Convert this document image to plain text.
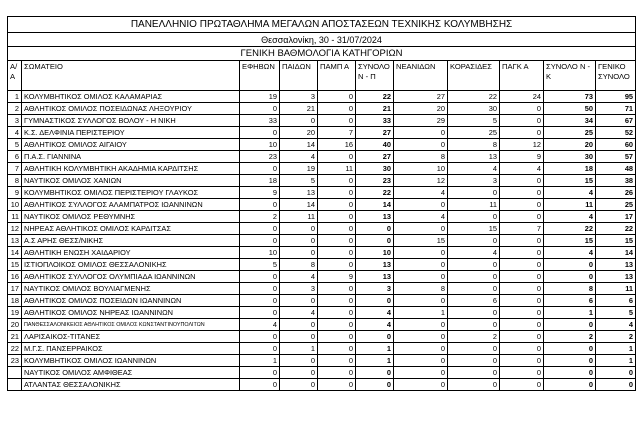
ΠΑΝΕΛΛΗΝΙΟ ΠΡΩΤΑΘΛΗΜΑ ΜΕΓΑΛΩΝ ΑΠΟΣΤΑΣΕΩΝ ΤΕΧΝΙΚΗΣ ΚΟΛΥΜΒΗΣΗΣ										
Θεσσαλονίκη, 30 - 31/07/2024										
ΓΕΝΙΚΗ ΒΑΘΜΟΛΟΓΙΑ ΚΑΤΗΓΟΡΙΩΝ										
Α/Α	ΣΩΜΑΤΕΙΟ	ΕΦΗΒΩΝ	ΠΑΙΔΩΝ	ΠΑΜΠ Α	ΣΥΝΟΛΟ Ν - Π	ΝΕΑΝΙΔΩΝ	ΚΟΡΑΣΙΔΕΣ	ΠΑΓΚ Α	ΣΥΝΟΛΟ Ν - Κ	ΓΕΝΙΚΟ ΣΥΝΟΛΟ
1	ΚΟΛΥΜΒΗΤΙΚΟΣ ΟΜΙΛΟΣ ΚΑΛΑΜΑΡΙΑΣ	19	3	0	22	27	22	24	73	95
2	ΑΘΛΗΤΙΚΟΣ ΟΜΙΛΟΣ ΠΟΣΕΙΔΩΝΑΣ ΛΗΞΟΥΡΙΟΥ	0	21	0	21	20	30	0	50	71
3	ΓΥΜΝΑΣΤΙΚΟΣ ΣΥΛΛΟΓΟΣ ΒΟΛΟΥ - Η ΝΙΚΗ	33	0	0	33	29	5	0	34	67
4	Κ.Σ. ΔΕΛΦΙΝΙΑ ΠΕΡΙΣΤΕΡΙΟΥ	0	20	7	27	0	25	0	25	52
5	ΑΘΛΗΤΙΚΟΣ ΟΜΙΛΟΣ ΑΙΓΑΙΟΥ	10	14	16	40	0	8	12	20	60
6	Π.Α.Σ. ΓΙΑΝΝΙΝΑ	23	4	0	27	8	13	9	30	57
7	ΑΘΛΗΤΙΚΗ ΚΟΛΥΜΒΗΤΙΚΗ ΑΚΑΔΗΜΙΑ ΚΑΡΔΙΤΣΗΣ	0	19	11	30	10	4	4	18	48
8	ΝΑΥΤΙΚΟΣ ΟΜΙΛΟΣ ΧΑΝΙΩΝ	18	5	0	23	12	3	0	15	38
9	ΚΟΛΥΜΒΗΤΙΚΟΣ ΟΜΙΛΟΣ ΠΕΡΙΣΤΕΡΙΟΥ ΓΛΑΥΚΟΣ	9	13	0	22	4	0	0	4	26
10	ΑΘΛΗΤΙΚΟΣ ΣΥΛΛΟΓΟΣ ΑΛΑΜΠΑΤΡΟΣ ΙΩΑΝΝΙΝΩΝ	0	14	0	14	0	11	0	11	25
11	ΝΑΥΤΙΚΟΣ ΟΜΙΛΟΣ ΡΕΘΥΜΝΗΣ	2	11	0	13	4	0	0	4	17
12	ΝΗΡΕΑΣ ΑΘΛΗΤΙΚΟΣ ΟΜΙΛΟΣ ΚΑΡΔΙΤΣΑΣ	0	0	0	0	0	15	7	22	22
13	Α.Σ ΑΡΗΣ ΘΕΣΣ/ΝΙΚΗΣ	0	0	0	0	15	0	0	15	15
14	ΑΘΛΗΤΙΚΗ ΕΝΩΣΗ ΧΑΙΔΑΡΙΟΥ	10	0	0	10	0	4	0	4	14
15	ΙΣΤΙΟΠΛΟΙΚΟΣ ΟΜΙΛΟΣ ΘΕΣΣΑΛΟΝΙΚΗΣ	5	8	0	13	0	0	0	0	13
16	ΑΘΛΗΤΙΚΟΣ ΣΥΛΛΟΓΟΣ ΟΛΥΜΠΙΑΔΑ ΙΩΑΝΝΙΝΩΝ	0	4	9	13	0	0	0	0	13
17	ΝΑΥΤΙΚΟΣ ΟΜΙΛΟΣ ΒΟΥΛΙΑΓΜΕΝΗΣ	0	3	0	3	8	0	0	8	11
18	ΑΘΛΗΤΙΚΟΣ ΟΜΙΛΟΣ ΠΟΣΕΙΔΩΝ ΙΩΑΝΝΙΝΩΝ	0	0	0	0	0	6	0	6	6
19	ΑΘΛΗΤΙΚΟΣ ΟΜΙΛΟΣ ΝΗΡΕΑΣ ΙΩΑΝΝΙΝΩΝ	0	4	0	4	1	0	0	1	5
20	ΠΑΝΘΕΣΣΑΛΟΝΙΚΕΙΟΣ ΑΘΛΗΤΙΚΟΣ ΟΜΙΛΟΣ ΚΩΝΣΤΑΝΤΙΝΟΥΠΟΛΙΤΩΝ	4	0	0	4	0	0	0	0	4
21	ΛΑΡΙΣΑΙΚΟΣ-ΤΙΤΑΝΕΣ	0	0	0	0	0	2	0	2	2
22	Μ.Γ.Σ. ΠΑΝΣΕΡΡΑΙΚΟΣ	0	1	0	1	0	0	0	0	1
23	ΚΟΛΥΜΒΗΤΙΚΟΣ ΟΜΙΛΟΣ ΙΩΑΝΝΙΝΩΝ	1	0	0	1	0	0	0	0	1
	ΝΑΥΤΙΚΟΣ ΟΜΙΛΟΣ ΑΜΦΙΘΕΑΣ	0	0	0	0	0	0	0	0	0
	ΑΤΛΑΝΤΑΣ ΘΕΣΣΑΛΟΝΙΚΗΣ	0	0	0	0	0	0	0	0	0
